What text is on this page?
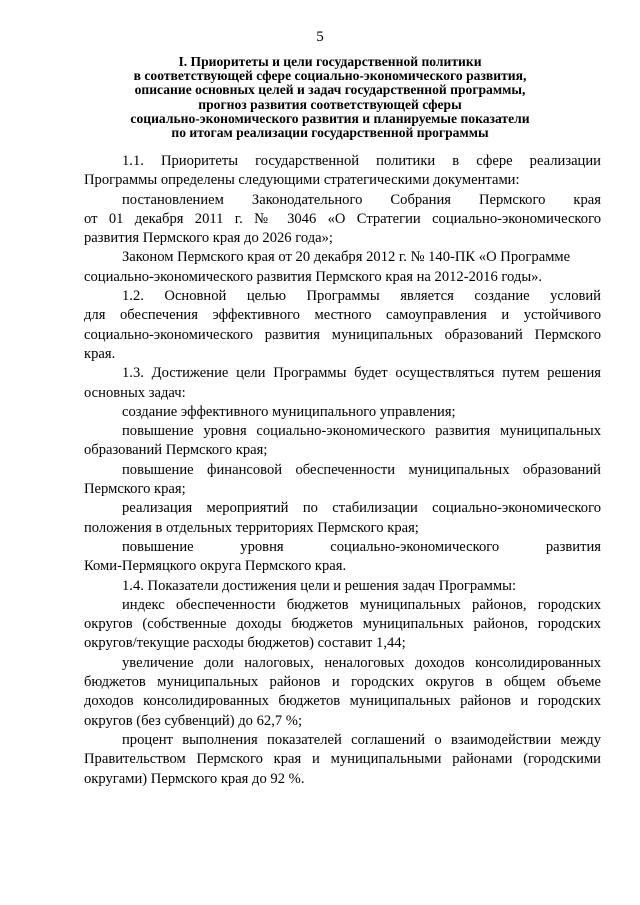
5
I. Приоритеты и цели государственной политики
в соответствующей сфере социально-экономического развития,
описание основных целей и задач государственной программы,
прогноз развития соответствующей сферы
социально-экономического развития и планируемые показатели
по итогам реализации государственной программы
1.1. Приоритеты государственной политики в сфере реализации
Программы определены следующими стратегическими документами:
постановлением Законодательного Собрания Пермского края
от 01 декабря 2011 г. № 3046 «О Стратегии социально-экономического
развития Пермского края до 2026 года»;
Законом Пермского края от 20 декабря 2012 г. № 140-ПК «О Программе
социально-экономического развития Пермского края на 2012-2016 годы».
1.2. Основной целью Программы является создание условий
для обеспечения эффективного местного самоуправления и устойчивого
социально-экономического развития муниципальных образований Пермского
края.
1.3. Достижение цели Программы будет осуществляться путем решения
основных задач:
создание эффективного муниципального управления;
повышение уровня социально-экономического развития муниципальных
образований Пермского края;
повышение финансовой обеспеченности муниципальных образований
Пермского края;
реализация мероприятий по стабилизации социально-экономического
положения в отдельных территориях Пермского края;
повышение уровня социально-экономического развития
Коми-Пермяцкого округа Пермского края.
1.4. Показатели достижения цели и решения задач Программы:
индекс обеспеченности бюджетов муниципальных районов, городских
округов (собственные доходы бюджетов муниципальных районов, городских
округов/текущие расходы бюджетов) составит 1,44;
увеличение доли налоговых, неналоговых доходов консолидированных
бюджетов муниципальных районов и городских округов в общем объеме
доходов консолидированных бюджетов муниципальных районов и городских
округов (без субвенций) до 62,7 %;
процент выполнения показателей соглашений о взаимодействии между
Правительством Пермского края и муниципальными районами (городскими
округами) Пермского края до 92 %.
